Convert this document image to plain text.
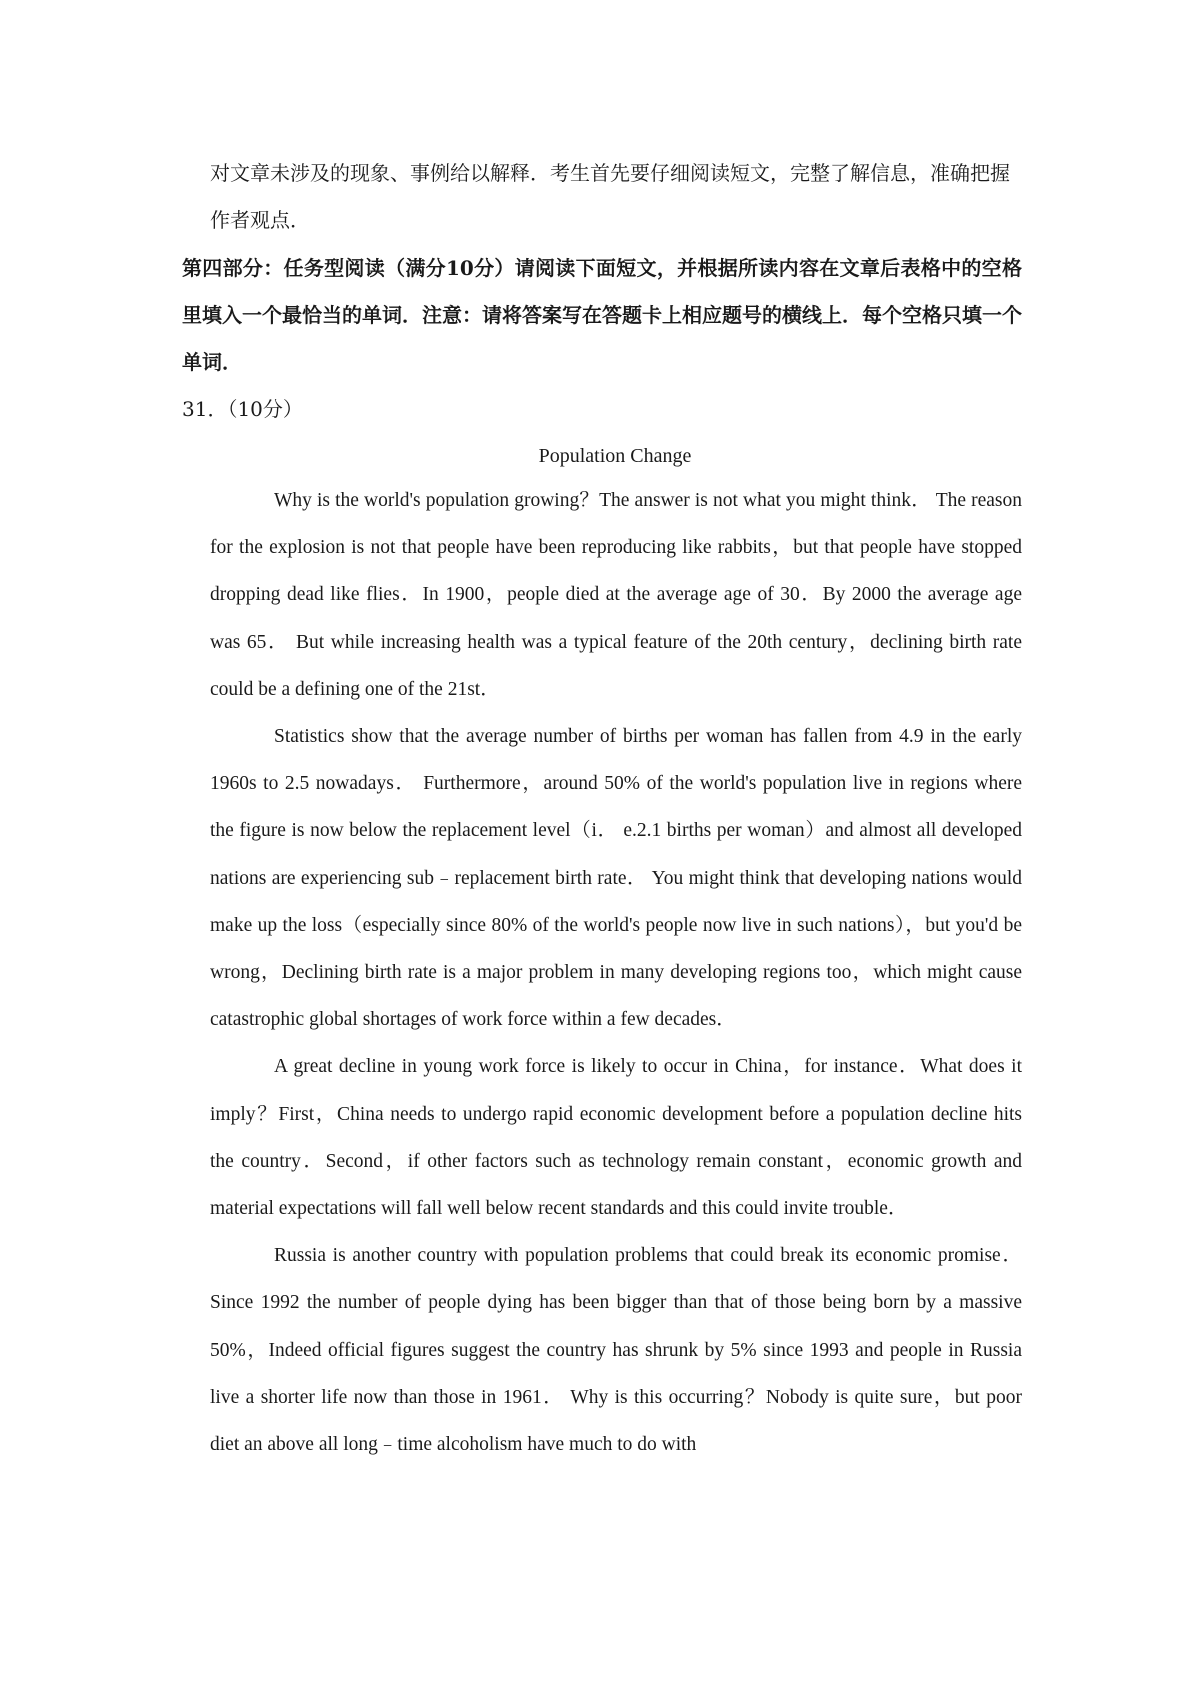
对文章未涉及的现象、事例给以解释．考生首先要仔细阅读短文，完整了解信息，准确把握作者观点．

第四部分：任务型阅读（满分10分）请阅读下面短文，并根据所读内容在文章后表格中的空格里填入一个最恰当的单词．注意：请将答案写在答题卡上相应题号的横线上．每个空格只填一个单词．

31．（10分）

Population Change

Why is the world's population growing？The answer is not what you might think． The reason for the explosion is not that people have been reproducing like rabbits，but that people have stopped dropping dead like flies．In 1900，people died at the average age of 30．By 2000 the average age was 65． But while increasing health was a typical feature of the 20th century，declining birth rate could be a defining one of the 21st．

Statistics show that the average number of births per woman has fallen from 4.9 in the early 1960s to 2.5 nowadays． Furthermore，around 50% of the world's population live in regions where the figure is now below the replacement level（i． e.2.1 births per woman）and almost all developed nations are experiencing sub﹣replacement birth rate． You might think that developing nations would make up the loss（especially since 80% of the world's people now live in such nations），but you'd be wrong，Declining birth rate is a major problem in many developing regions too，which might cause catastrophic global shortages of work force within a few decades．

A great decline in young work force is likely to occur in China，for instance．What does it imply？First，China needs to undergo rapid economic development before a population decline hits the country．Second，if other factors such as technology remain constant，economic growth and material expectations will fall well below recent standards and this could invite trouble．

Russia is another country with population problems that could break its economic promise． Since 1992 the number of people dying has been bigger than that of those being born by a massive 50%，Indeed official figures suggest the country has shrunk by 5% since 1993 and people in Russia live a shorter life now than those in 1961． Why is this occurring？Nobody is quite sure，but poor diet an above all long﹣time alcoholism have much to do with
